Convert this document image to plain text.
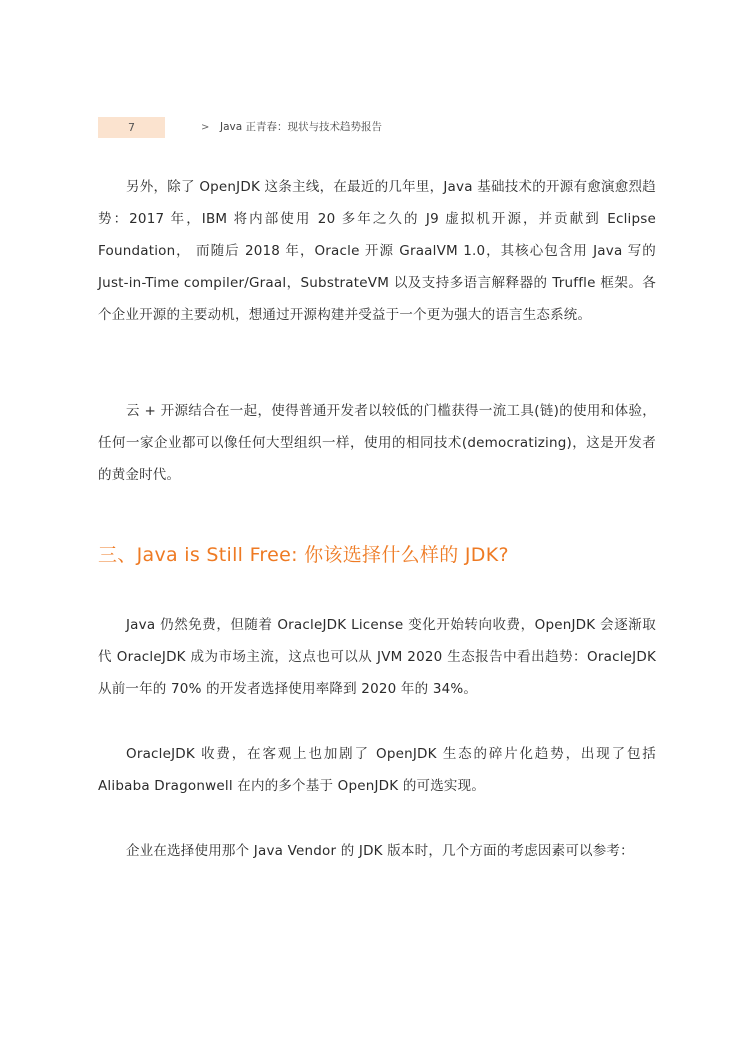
7	> Java 正青春：现状与技术趋势报告

另外，除了 OpenJDK 这条主线，在最近的几年里，Java 基础技术的开源有愈演愈烈趋势：2017 年，IBM 将内部使用 20 多年之久的 J9 虚拟机开源，并贡献到 Eclipse Foundation， 而随后 2018 年，Oracle 开源 GraalVM 1.0，其核心包含用 Java 写的 Just-in-Time compiler/Graal，SubstrateVM 以及支持多语言解释器的 Truffle 框架。各个企业开源的主要动机，想通过开源构建并受益于一个更为强大的语言生态系统。

云 + 开源结合在一起，使得普通开发者以较低的门槛获得一流工具(链)的使用和体验，任何一家企业都可以像任何大型组织一样，使用的相同技术(democratizing)，这是开发者的黄金时代。

三、Java is Still Free: 你该选择什么样的 JDK?

Java 仍然免费，但随着 OracleJDK License 变化开始转向收费，OpenJDK 会逐渐取代 OracleJDK 成为市场主流，这点也可以从 JVM 2020 生态报告中看出趋势：OracleJDK 从前一年的 70% 的开发者选择使用率降到 2020 年的 34%。

OracleJDK 收费，在客观上也加剧了 OpenJDK 生态的碎片化趋势，出现了包括 Alibaba Dragonwell 在内的多个基于 OpenJDK 的可选实现。

企业在选择使用那个 Java Vendor 的 JDK 版本时，几个方面的考虑因素可以参考：
